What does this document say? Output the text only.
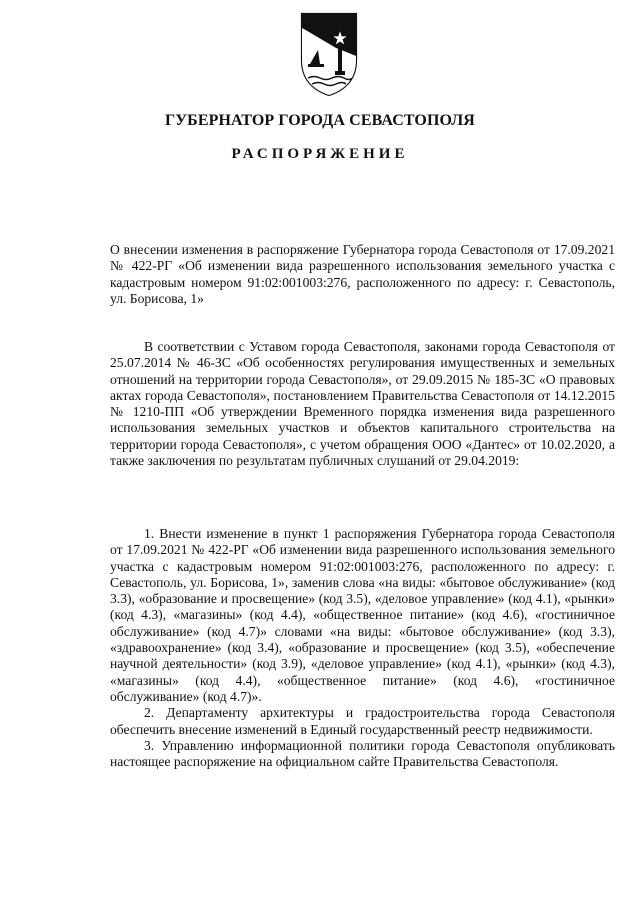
ГУБЕРНАТОР ГОРОДА СЕВАСТОПОЛЯ
РАСПОРЯЖЕНИЕ
О внесении изменения в распоряжение Губернатора города Севастополя от 17.09.2021 № 422-РГ «Об изменении вида разрешенного использования земельного участка с кадастровым номером 91:02:001003:276, расположенного по адресу: г. Севастополь, ул. Борисова, 1»
В соответствии с Уставом города Севастополя, законами города Севастополя от 25.07.2014 № 46-ЗС «Об особенностях регулирования имущественных и земельных отношений на территории города Севастополя», от 29.09.2015 № 185-ЗС «О правовых актах города Севастополя», постановлением Правительства Севастополя от 14.12.2015 № 1210-ПП «Об утверждении Временного порядка изменения вида разрешенного использования земельных участков и объектов капитального строительства на территории города Севастополя», с учетом обращения ООО «Дантес» от 10.02.2020, а также заключения по результатам публичных слушаний от 29.04.2019:

1. Внести изменение в пункт 1 распоряжения Губернатора города Севастополя от 17.09.2021 № 422-РГ «Об изменении вида разрешенного использования земельного участка с кадастровым номером 91:02:001003:276, расположенного по адресу: г. Севастополь, ул. Борисова, 1», заменив слова «на виды: «бытовое обслуживание» (код 3.3), «образование и просвещение» (код 3.5), «деловое управление» (код 4.1), «рынки» (код 4.3), «магазины» (код 4.4), «общественное питание» (код 4.6), «гостиничное обслуживание» (код 4.7)» словами «на виды: «бытовое обслуживание» (код 3.3), «здравоохранение» (код 3.4), «образование и просвещение» (код 3.5), «обеспечение научной деятельности» (код 3.9), «деловое управление» (код 4.1), «рынки» (код 4.3), «магазины» (код 4.4), «общественное питание» (код 4.6), «гостиничное обслуживание» (код 4.7)».

2. Департаменту архитектуры и градостроительства города Севастополя обеспечить внесение изменений в Единый государственный реестр недвижимости.

3. Управлению информационной политики города Севастополя опубликовать настоящее распоряжение на официальном сайте Правительства Севастополя.
